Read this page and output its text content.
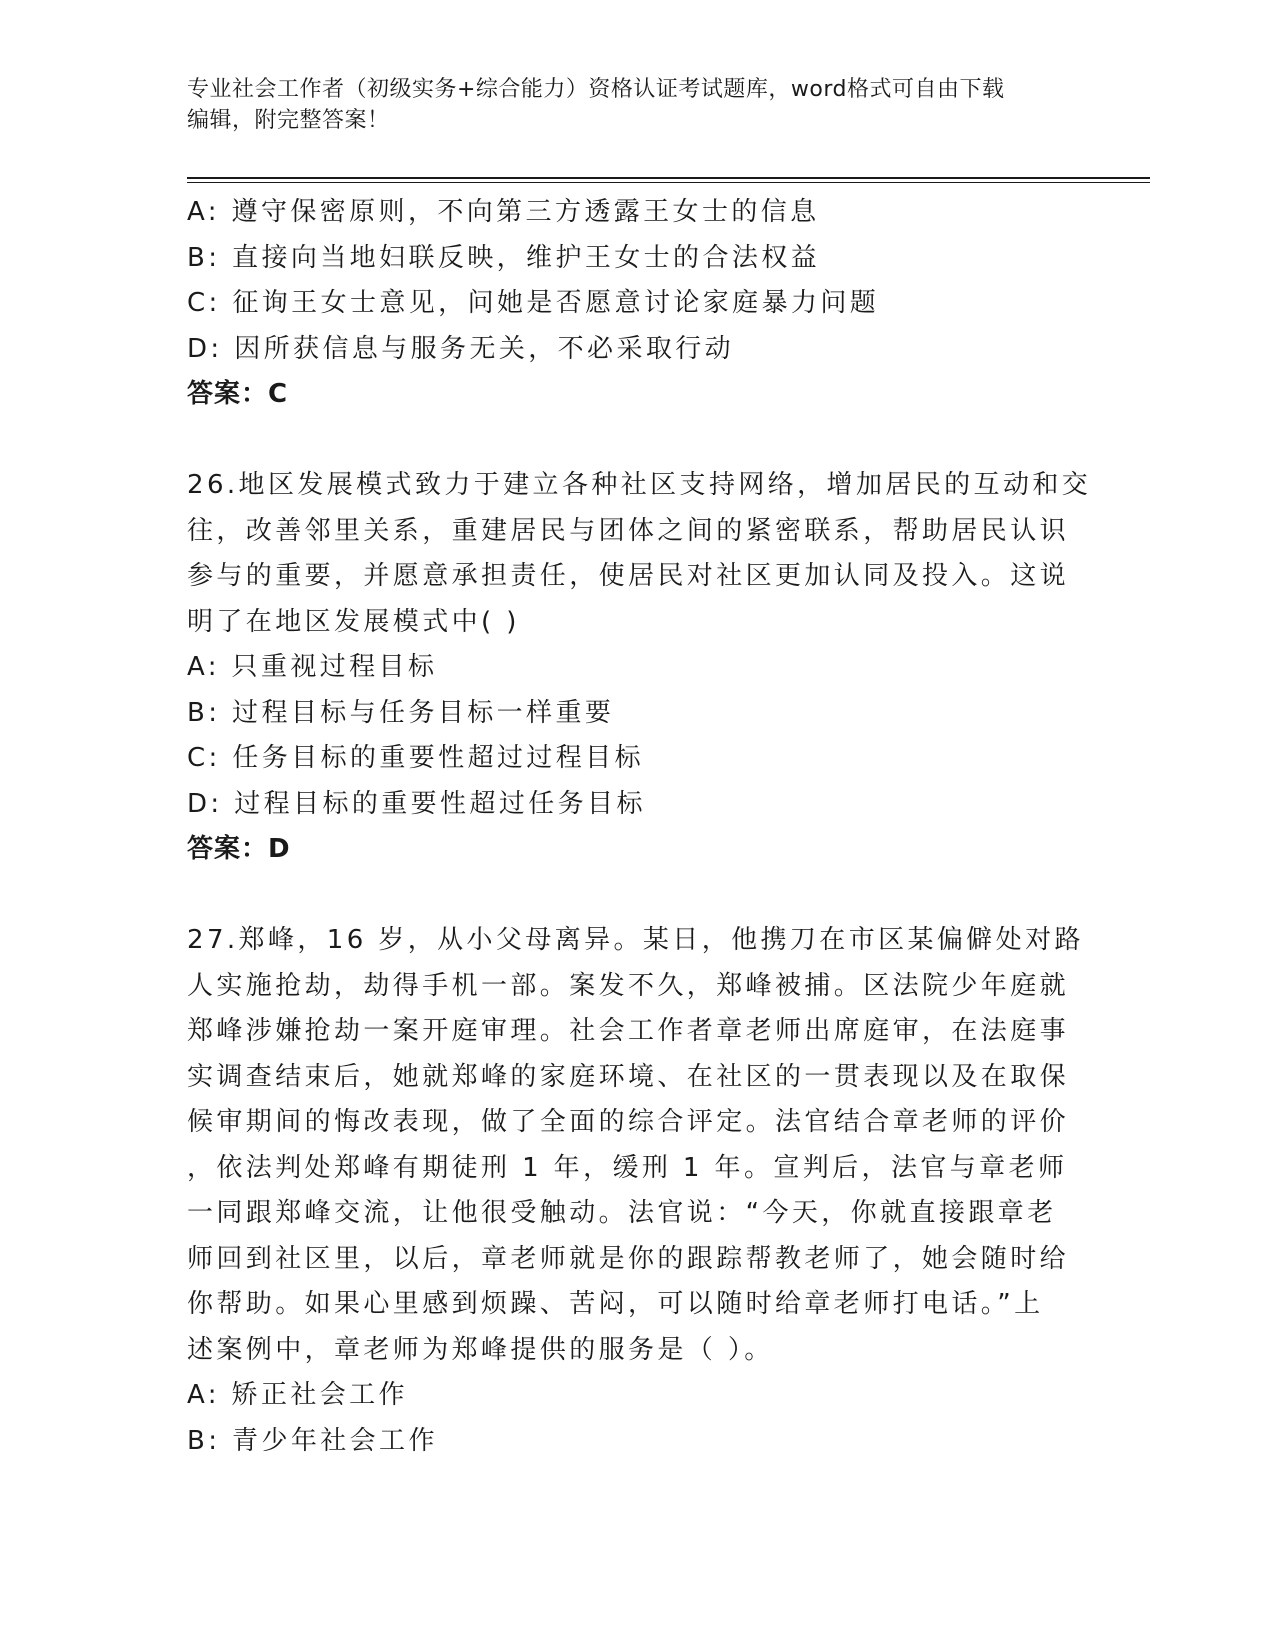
专业社会工作者（初级实务+综合能力）资格认证考试题库，word格式可自由下载
编辑，附完整答案！

A: 遵守保密原则，不向第三方透露王女士的信息

B: 直接向当地妇联反映，维护王女士的合法权益

C: 征询王女士意见，问她是否愿意讨论家庭暴力问题

D: 因所获信息与服务无关，不必采取行动

答案：C

26.地区发展模式致力于建立各种社区支持网络，增加居民的互动和交

往，改善邻里关系，重建居民与团体之间的紧密联系，帮助居民认识

参与的重要，并愿意承担责任，使居民对社区更加认同及投入。这说

明了在地区发展模式中( )

A: 只重视过程目标

B: 过程目标与任务目标一样重要

C: 任务目标的重要性超过过程目标

D: 过程目标的重要性超过任务目标

答案：D

27.郑峰，16 岁，从小父母离异。某日，他携刀在市区某偏僻处对路

人实施抢劫，劫得手机一部。案发不久，郑峰被捕。区法院少年庭就

郑峰涉嫌抢劫一案开庭审理。社会工作者章老师出席庭审，在法庭事

实调查结束后，她就郑峰的家庭环境、在社区的一贯表现以及在取保

候审期间的悔改表现，做了全面的综合评定。法官结合章老师的评价

，依法判处郑峰有期徒刑 1 年，缓刑 1 年。宣判后，法官与章老师

一同跟郑峰交流，让他很受触动。法官说：“今天，你就直接跟章老

师回到社区里，以后，章老师就是你的跟踪帮教老师了，她会随时给

你帮助。如果心里感到烦躁、苦闷，可以随时给章老师打电话。”上

述案例中，章老师为郑峰提供的服务是（ ）。

A: 矫正社会工作

B: 青少年社会工作
